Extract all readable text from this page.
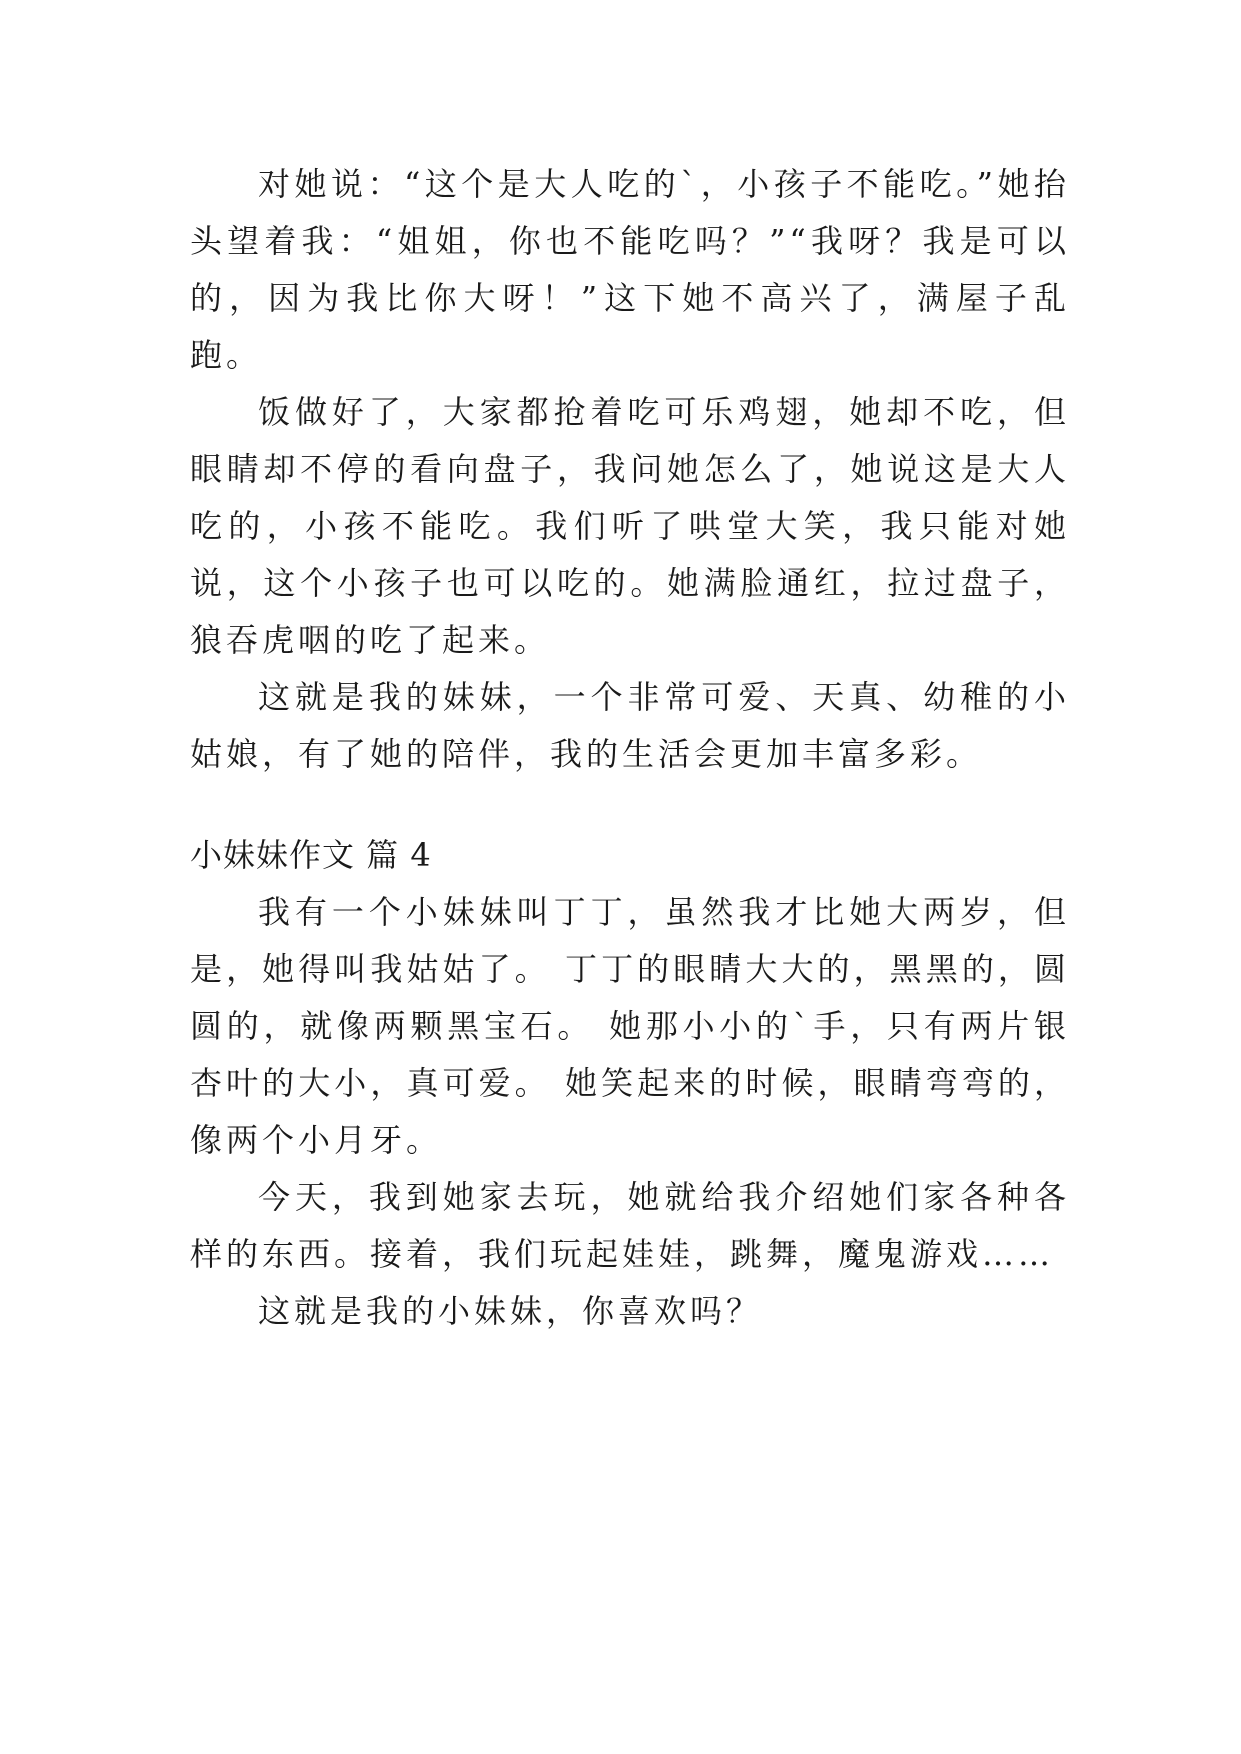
对她说：“这个是大人吃的`，小孩子不能吃。”她抬头望着我：“姐姐，你也不能吃吗？”“我呀？我是可以的，因为我比你大呀！”这下她不高兴了，满屋子乱跑。

饭做好了，大家都抢着吃可乐鸡翅，她却不吃，但眼睛却不停的看向盘子，我问她怎么了，她说这是大人吃的，小孩不能吃。我们听了哄堂大笑，我只能对她说，这个小孩子也可以吃的。她满脸通红，拉过盘子，狼吞虎咽的吃了起来。

这就是我的妹妹，一个非常可爱、天真、幼稚的小姑娘，有了她的陪伴，我的生活会更加丰富多彩。

小妹妹作文 篇 4

我有一个小妹妹叫丁丁，虽然我才比她大两岁，但是，她得叫我姑姑了。 丁丁的眼睛大大的，黑黑的，圆圆的，就像两颗黑宝石。 她那小小的`手，只有两片银杏叶的大小，真可爱。 她笑起来的时候，眼睛弯弯的，像两个小月牙。

今天，我到她家去玩，她就给我介绍她们家各种各样的东西。接着，我们玩起娃娃，跳舞，魔鬼游戏……

这就是我的小妹妹，你喜欢吗？
